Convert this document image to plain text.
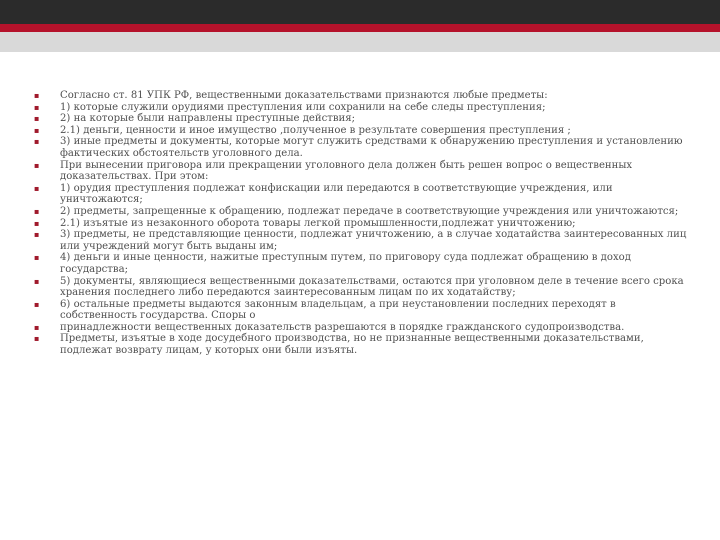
▪ Согласно ст. 81 УПК РФ, вещественными доказательствами признаются любые предметы:
▪ 1) которые служили орудиями преступления или сохранили на себе следы преступления;
▪ 2) на которые были направлены преступные действия;
▪ 2.1) деньги, ценности и иное имущество ,полученное в результате совершения преступления ;
▪ 3) иные предметы и документы, которые могут служить средствами к обнаружению преступления и установлению фактических обстоятельств уголовного дела.
▪ При вынесении приговора или прекращении уголовного дела должен быть решен вопрос о вещественных доказательствах. При этом:
▪ 1) орудия преступления подлежат конфискации или передаются в соответствующие учреждения, или уничтожаются;
▪ 2) предметы, запрещенные к обращению, подлежат передаче в соответствующие учреждения или уничтожаются;
▪ 2.1) изъятые из незаконного оборота товары легкой промышленности,подлежат уничтожению;
▪ 3) предметы, не представляющие ценности, подлежат уничтожению, а в случае ходатайства заинтересованных лиц или учреждений могут быть выданы им;
▪ 4) деньги и иные ценности, нажитые преступным путем, по приговору суда подлежат обращению в доход государства;
▪ 5) документы, являющиеся вещественными доказательствами, остаются при уголовном деле в течение всего срока хранения последнего либо передаются заинтересованным лицам по их ходатайству;
▪ 6) остальные предметы выдаются законным владельцам, а при неустановлении последних переходят в собственность государства. Споры о
▪ принадлежности вещественных доказательств разрешаются в порядке гражданского судопроизводства.
▪ Предметы, изъятые в ходе досудебного производства, но не признанные вещественными доказательствами, подлежат возврату лицам, у которых они были изъяты.
